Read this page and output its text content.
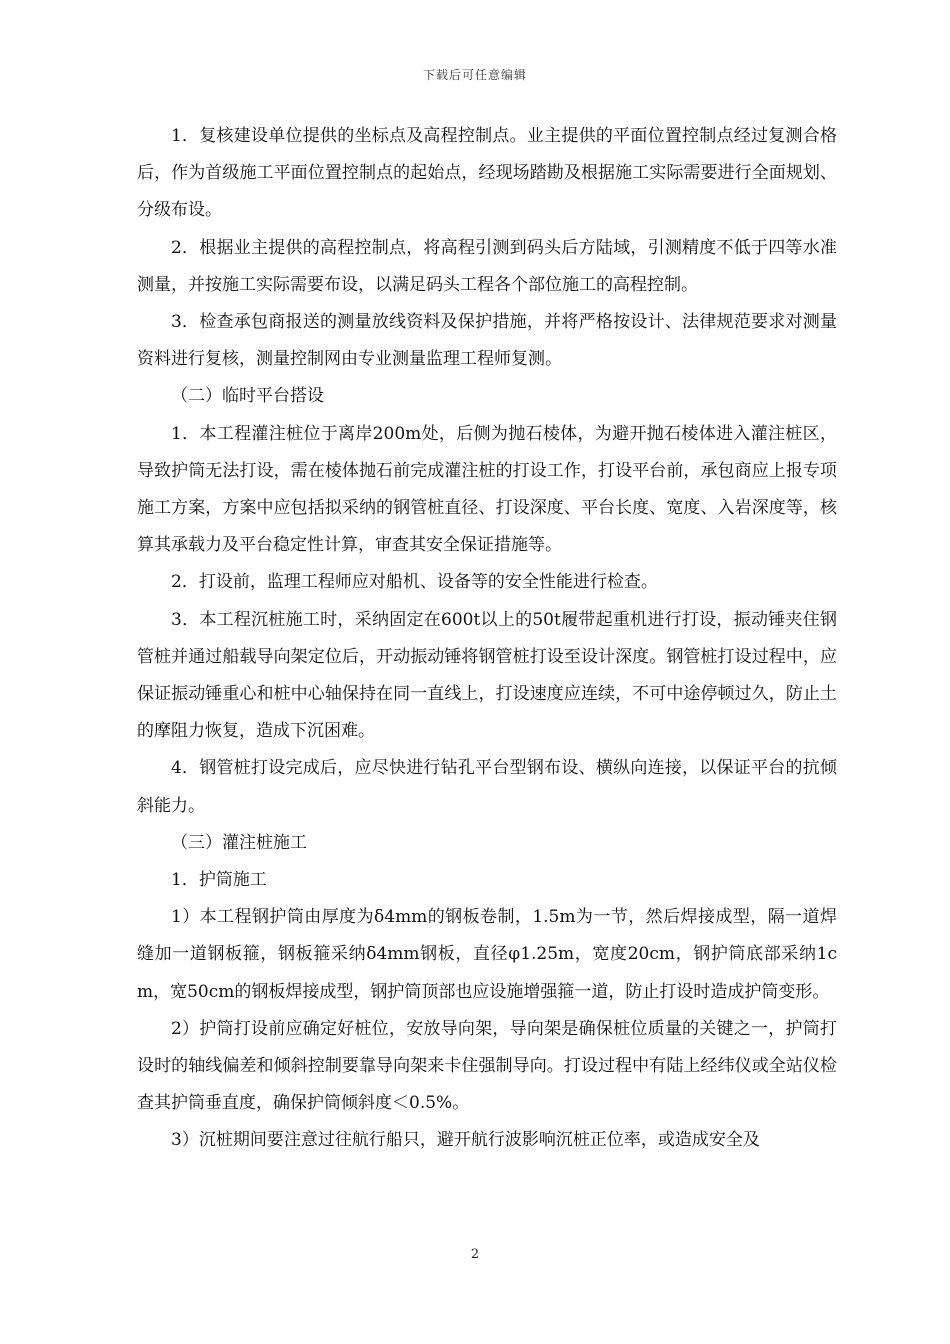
下载后可任意编辑

1．复核建设单位提供的坐标点及高程控制点。业主提供的平面位置控制点经过复测合格后，作为首级施工平面位置控制点的起始点，经现场踏勘及根据施工实际需要进行全面规划、分级布设。

2．根据业主提供的高程控制点，将高程引测到码头后方陆域，引测精度不低于四等水准测量，并按施工实际需要布设，以满足码头工程各个部位施工的高程控制。

3．检查承包商报送的测量放线资料及保护措施，并将严格按设计、法律规范要求对测量资料进行复核，测量控制网由专业测量监理工程师复测。

（二）临时平台搭设

1．本工程灌注桩位于离岸200m处，后侧为抛石棱体，为避开抛石棱体进入灌注桩区，导致护筒无法打设，需在棱体抛石前完成灌注桩的打设工作，打设平台前，承包商应上报专项施工方案，方案中应包括拟采纳的钢管桩直径、打设深度、平台长度、宽度、入岩深度等，核算其承载力及平台稳定性计算，审查其安全保证措施等。

2．打设前，监理工程师应对船机、设备等的安全性能进行检查。

3．本工程沉桩施工时，采纳固定在600t以上的50t履带起重机进行打设，振动锤夹住钢管桩并通过船载导向架定位后，开动振动锤将钢管桩打设至设计深度。钢管桩打设过程中，应保证振动锤重心和桩中心轴保持在同一直线上，打设速度应连续，不可中途停顿过久，防止土的摩阻力恢复，造成下沉困难。

4．钢管桩打设完成后，应尽快进行钻孔平台型钢布设、横纵向连接，以保证平台的抗倾斜能力。

（三）灌注桩施工

1．护筒施工

1）本工程钢护筒由厚度为δ4mm的钢板卷制，1.5m为一节，然后焊接成型，隔一道焊缝加一道钢板箍，钢板箍采纳δ4mm钢板，直径φ1.25m，宽度20cm，钢护筒底部采纳1cm，宽50cm的钢板焊接成型，钢护筒顶部也应设施增强箍一道，防止打设时造成护筒变形。

2）护筒打设前应确定好桩位，安放导向架，导向架是确保桩位质量的关键之一，护筒打设时的轴线偏差和倾斜控制要靠导向架来卡住强制导向。打设过程中有陆上经纬仪或全站仪检查其护筒垂直度，确保护筒倾斜度＜0.5%。

3）沉桩期间要注意过往航行船只，避开航行波影响沉桩正位率，或造成安全及

2
